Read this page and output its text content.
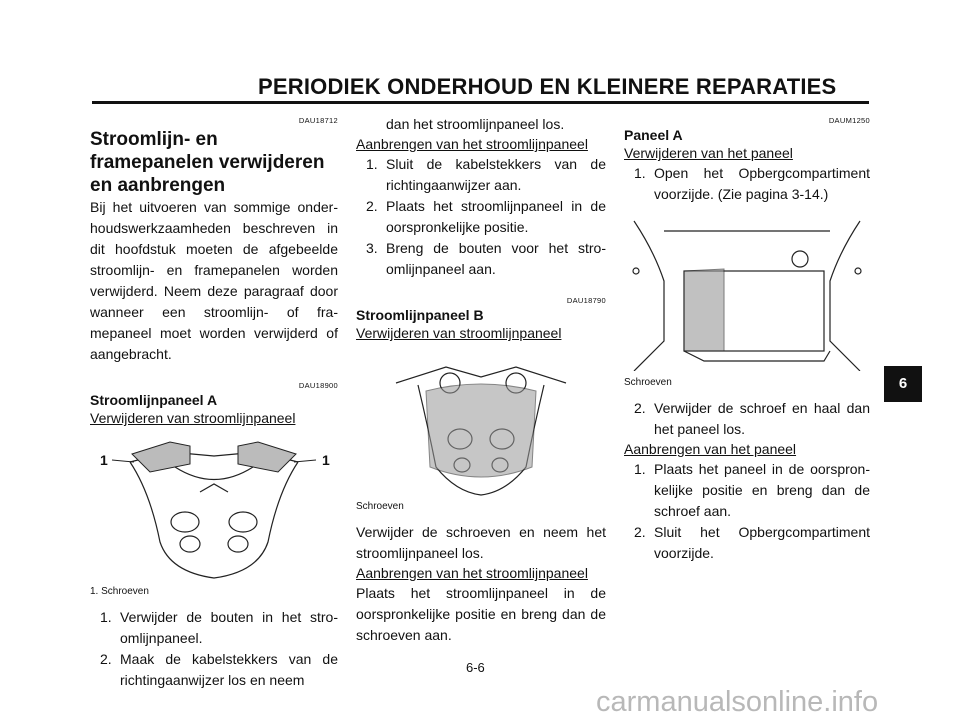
PERIODIEK ONDERHOUD EN KLEINERE REPARATIES
DAU18712
Stroomlijn- en framepanelen verwijderen en aanbrengen

Bij het uitvoeren van sommige onder-houdswerkzaamheden beschreven in dit hoofdstuk moeten de afgebeelde stroomlijn- en framepanelen worden verwijderd. Neem deze paragraaf door wanneer een stroomlijn- of fra-mepaneel moet worden verwijderd of aangebracht.

DAU18900
Stroomlijnpaneel A
Verwijderen van stroomlijnpaneel
1	1
1. Schroeven
1. Verwijder de bouten in het stro-omlijnpaneel.
2. Maak de kabelstekkers van de richtingaanwijzer los en neem
dan het stroomlijnpaneel los.
Aanbrengen van het stroomlijnpaneel
1. Sluit de kabelstekkers van de richtingaanwijzer aan.
2. Plaats het stroomlijnpaneel in de oorspronkelijke positie.
3. Breng de bouten voor het stro-omlijnpaneel aan.
DAU18790
Stroomlijnpaneel B
Verwijderen van stroomlijnpaneel
Schroeven

Verwijder de schroeven en neem het stroomlijnpaneel los.

Aanbrengen van het stroomlijnpaneel

Plaats het stroomlijnpaneel in de oorspronkelijke positie en breng dan de schroeven aan.

DAUM1250
Paneel A
Verwijderen van het paneel
1. Open het Opbergcompartiment voorzijde. (Zie pagina 3-14.)
Schroeven
2. Verwijder de schroef en haal dan het paneel los.
Aanbrengen van het paneel
1. Plaats het paneel in de oorspron-kelijke positie en breng dan de schroef aan.
2. Sluit het Opbergcompartiment voorzijde.
6
6-6
carmanualsonline.info
